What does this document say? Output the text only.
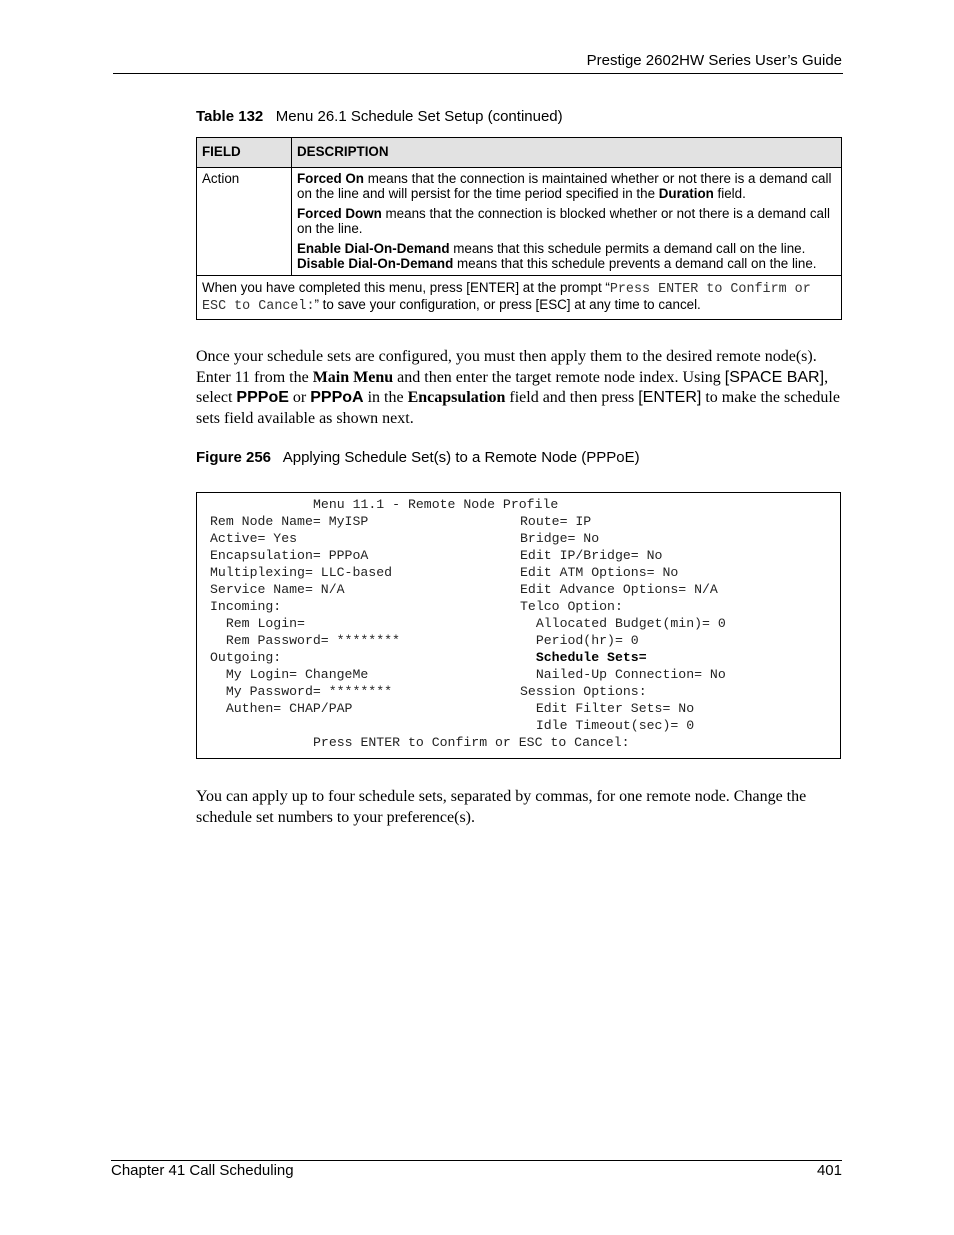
Prestige 2602HW Series User’s Guide
Table 132 Menu 26.1 Schedule Set Setup (continued)
FIELD	DESCRIPTION
Action	Forced On means that the connection is maintained whether or not there is a demand call on the line and will persist for the time period specified in the Duration field.

Forced Down means that the connection is blocked whether or not there is a demand call on the line.

Enable Dial-On-Demand means that this schedule permits a demand call on the line.
Disable Dial-On-Demand means that this schedule prevents a demand call on the line.

When you have completed this menu, press [ENTER] at the prompt “Press ENTER to Confirm or ESC to Cancel:” to save your configuration, or press [ESC] at any time to cancel.	
Once your schedule sets are configured, you must then apply them to the desired remote node(s). Enter 11 from the Main Menu and then enter the target remote node index. Using [SPACE BAR], select PPPoE or PPPoA in the Encapsulation field and then press [ENTER] to make the schedule sets field available as shown next.
Figure 256 Applying Schedule Set(s) to a Remote Node (PPPoE)
Menu 11.1 - Remote Node Profile
Rem Node Name= MyISP
Active= Yes
Encapsulation= PPPoA
Multiplexing= LLC-based
Service Name= N/A
Incoming:
Rem Login=
Rem Password= ********
Outgoing:
My Login= ChangeMe
My Password= ********
Authen= CHAP/PAP
Route= IP
Bridge= No
Edit IP/Bridge= No
Edit ATM Options= No
Edit Advance Options= N/A
Telco Option:
Allocated Budget(min)= 0
Period(hr)= 0
Schedule Sets=
Nailed-Up Connection= No
Session Options:
Edit Filter Sets= No
Idle Timeout(sec)= 0
Press ENTER to Confirm or ESC to Cancel:
You can apply up to four schedule sets, separated by commas, for one remote node. Change the schedule set numbers to your preference(s).
Chapter 41 Call Scheduling	401
